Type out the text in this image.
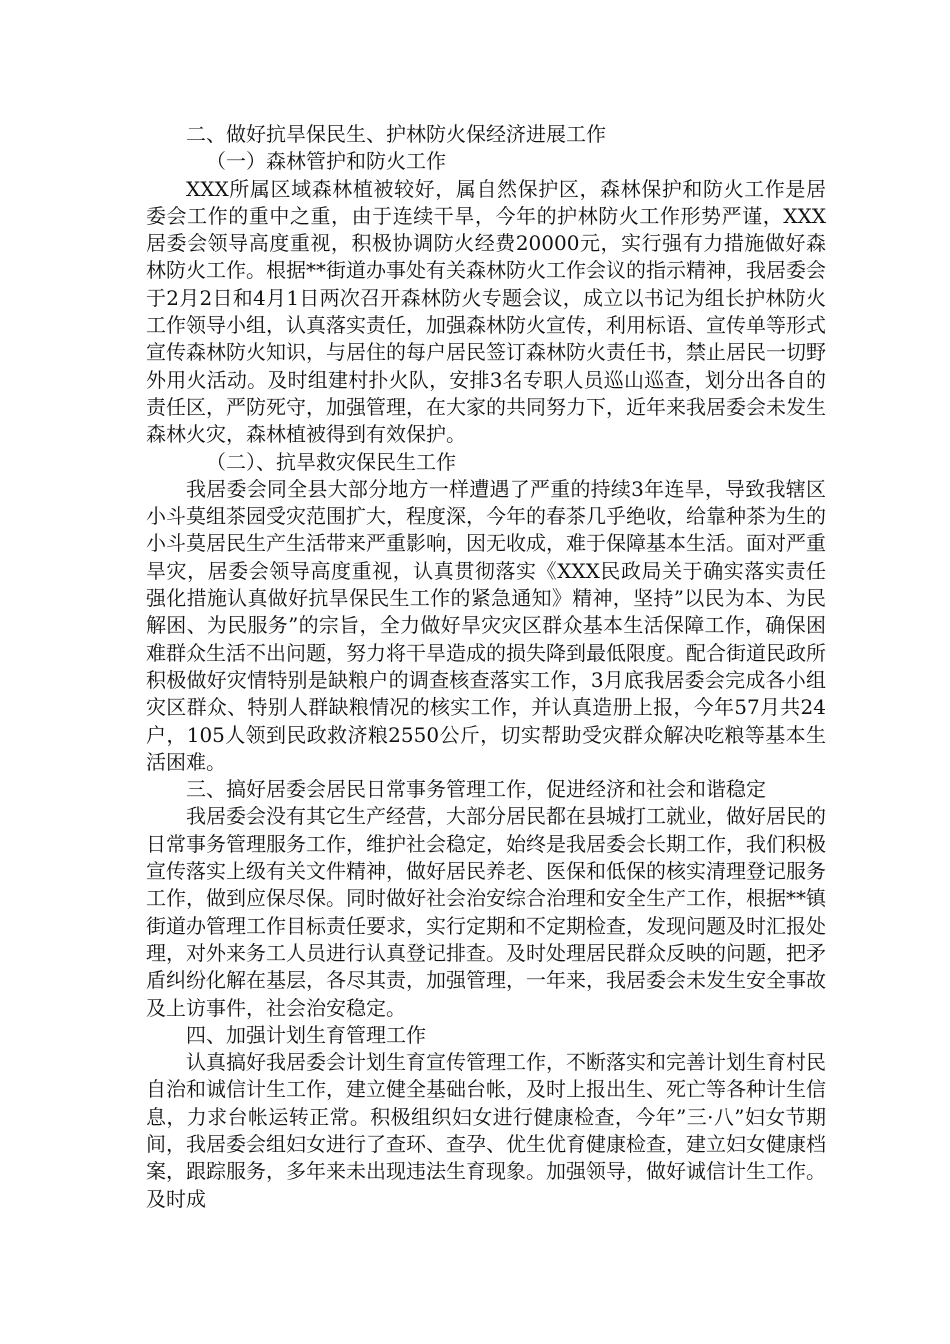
二、做好抗旱保民生、护林防火保经济进展工作

（一）森林管护和防火工作

XXX所属区域森林植被较好，属自然保护区，森林保护和防火工作是居委会工作的重中之重，由于连续干旱，今年的护林防火工作形势严谨，XXX居委会领导高度重视，积极协调防火经费20000元，实行强有力措施做好森林防火工作。根据**街道办事处有关森林防火工作会议的指示精神，我居委会于2月2日和4月1日两次召开森林防火专题会议，成立以书记为组长护林防火工作领导小组，认真落实责任，加强森林防火宣传，利用标语、宣传单等形式宣传森林防火知识，与居住的每户居民签订森林防火责任书，禁止居民一切野外用火活动。及时组建村扑火队，安排3名专职人员巡山巡查，划分出各自的责任区，严防死守，加强管理，在大家的共同努力下，近年来我居委会未发生森林火灾，森林植被得到有效保护。

（二）、抗旱救灾保民生工作

我居委会同全县大部分地方一样遭遇了严重的持续3年连旱，导致我辖区小斗莫组茶园受灾范围扩大，程度深，今年的春茶几乎绝收，给靠种茶为生的小斗莫居民生产生活带来严重影响，因无收成，难于保障基本生活。面对严重旱灾，居委会领导高度重视，认真贯彻落实《XXX民政局关于确实落实责任强化措施认真做好抗旱保民生工作的紧急通知》精神，坚持”以民为本、为民解困、为民服务”的宗旨，全力做好旱灾灾区群众基本生活保障工作，确保困难群众生活不出问题，努力将干旱造成的损失降到最低限度。配合街道民政所积极做好灾情特别是缺粮户的调查核查落实工作，3月底我居委会完成各小组灾区群众、特别人群缺粮情况的核实工作，并认真造册上报，今年57月共24户，105人领到民政救济粮2550公斤，切实帮助受灾群众解决吃粮等基本生活困难。

三、搞好居委会居民日常事务管理工作，促进经济和社会和谐稳定

我居委会没有其它生产经营，大部分居民都在县城打工就业，做好居民的日常事务管理服务工作，维护社会稳定，始终是我居委会长期工作，我们积极宣传落实上级有关文件精神，做好居民养老、医保和低保的核实清理登记服务工作，做到应保尽保。同时做好社会治安综合治理和安全生产工作，根据**镇街道办管理工作目标责任要求，实行定期和不定期检查，发现问题及时汇报处理，对外来务工人员进行认真登记排查。及时处理居民群众反映的问题，把矛盾纠纷化解在基层，各尽其责，加强管理，一年来，我居委会未发生安全事故及上访事件，社会治安稳定。

四、加强计划生育管理工作

认真搞好我居委会计划生育宣传管理工作，不断落实和完善计划生育村民自治和诚信计生工作，建立健全基础台帐，及时上报出生、死亡等各种计生信息，力求台帐运转正常。积极组织妇女进行健康检查，今年”三·八”妇女节期间，我居委会组妇女进行了查环、查孕、优生优育健康检查，建立妇女健康档案，跟踪服务，多年来未出现违法生育现象。加强领导，做好诚信计生工作。及时成
